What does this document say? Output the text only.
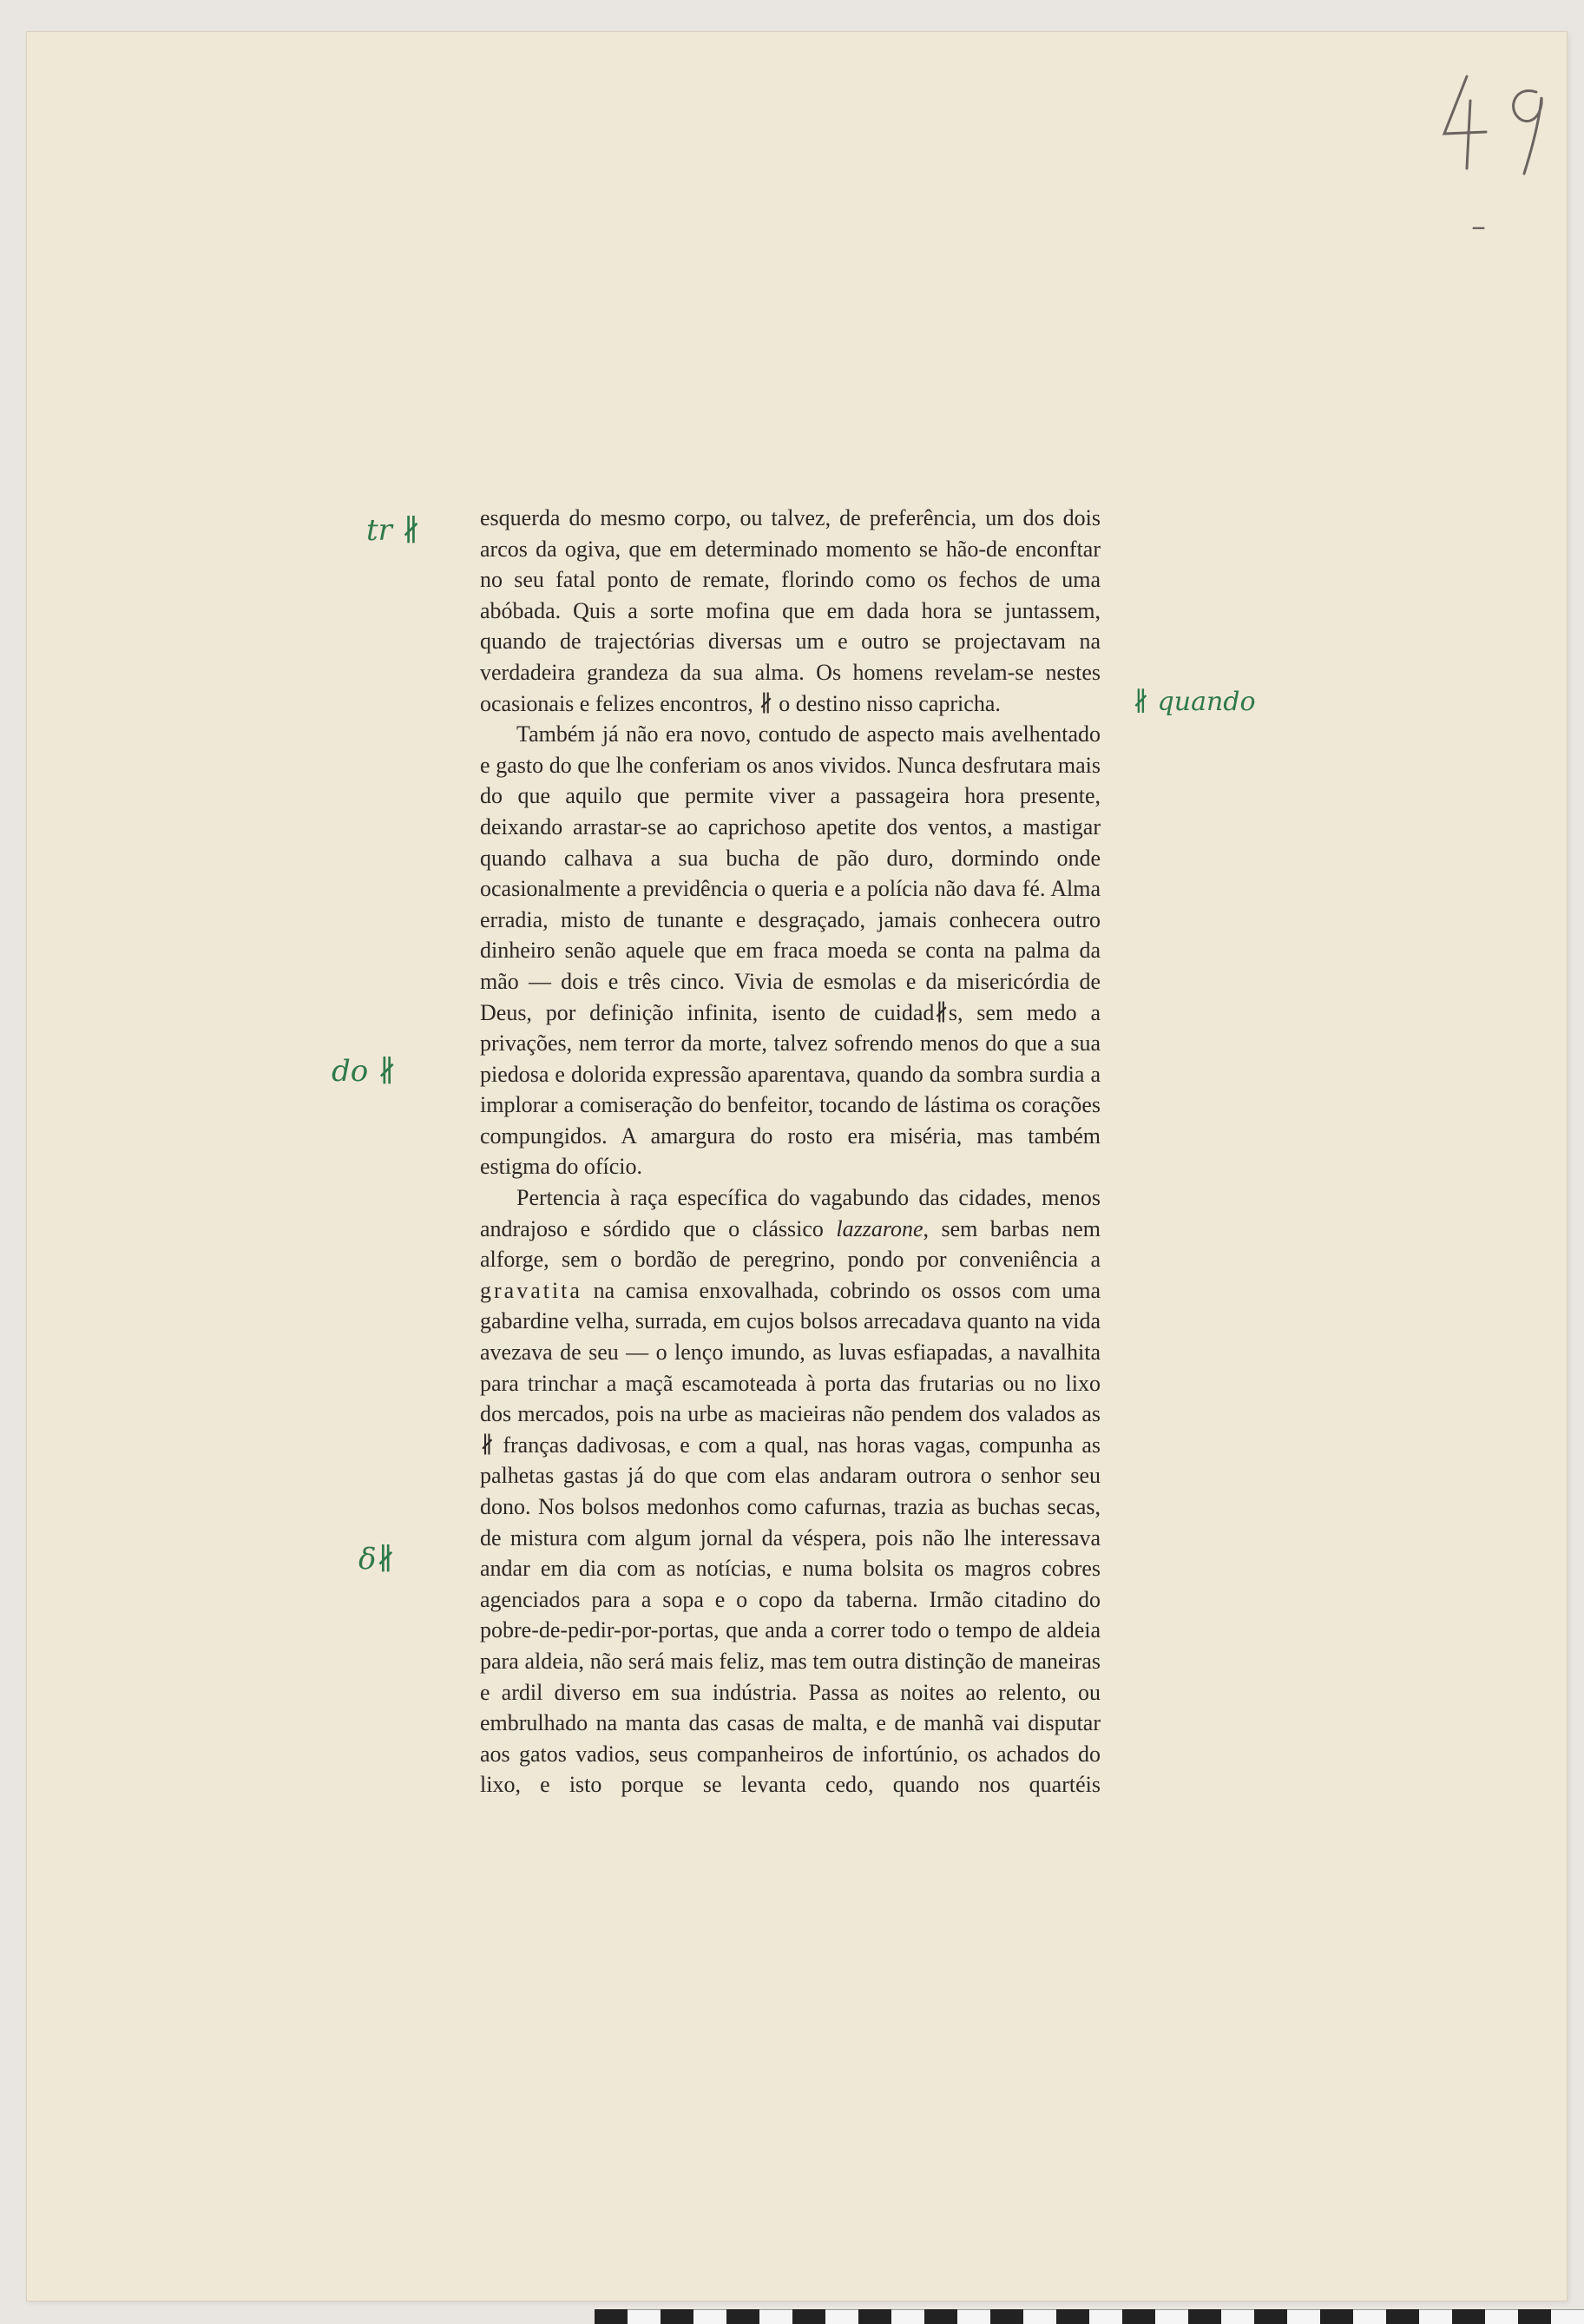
–
tr ∦
∦ quando
do ∦
δ∦

esquerda do mesmo corpo, ou talvez, de preferência, um dos dois arcos da ogiva, que em determinado momento se hão-de enconftar no seu fatal ponto de remate, florindo como os fechos de uma abóbada. Quis a sorte mofina que em dada hora se juntassem, quando de trajectórias diversas um e outro se projectavam na verdadeira grandeza da sua alma. Os homens revelam-se nestes ocasionais e felizes encontros, ∦ o destino nisso capricha.

Também já não era novo, contudo de aspecto mais avelhentado e gasto do que lhe conferiam os anos vividos. Nunca desfrutara mais do que aquilo que permite viver a passageira hora presente, deixando arrastar-se ao caprichoso apetite dos ventos, a mastigar quando calhava a sua bucha de pão duro, dormindo onde ocasionalmente a previdência o queria e a polícia não dava fé. Alma erradia, misto de tunante e desgraçado, jamais conhecera outro dinheiro senão aquele que em fraca moeda se conta na palma da mão — dois e três cinco. Vivia de esmolas e da misericórdia de Deus, por definição infinita, isento de cuidad∦s, sem medo a privações, nem terror da morte, talvez sofrendo menos do que a sua piedosa e dolorida expressão aparentava, quando da sombra surdia a implorar a comiseração do benfeitor, tocando de lástima os corações compungidos. A amargura do rosto era miséria, mas também estigma do ofício.

Pertencia à raça específica do vagabundo das cidades, menos andrajoso e sórdido que o clássico lazzarone, sem barbas nem alforge, sem o bordão de peregrino, pondo por conveniência a gravatita na camisa enxovalhada, cobrindo os ossos com uma gabardine velha, surrada, em cujos bolsos arrecadava quanto na vida avezava de seu — o lenço imundo, as luvas esfiapadas, a navalhita para trinchar a maçã escamoteada à porta das frutarias ou no lixo dos mercados, pois na urbe as macieiras não pendem dos valados as ∦ franças dadivosas, e com a qual, nas horas vagas, compunha as palhetas gastas já do que com elas andaram outrora o senhor seu dono. Nos bolsos medonhos como cafurnas, trazia as buchas secas, de mistura com algum jornal da véspera, pois não lhe interessava andar em dia com as notícias, e numa bolsita os magros cobres agenciados para a sopa e o copo da taberna. Irmão citadino do pobre-de-pedir-por-portas, que anda a correr todo o tempo de aldeia para aldeia, não será mais feliz, mas tem outra distinção de maneiras e ardil diverso em sua indústria. Passa as noites ao relento, ou embrulhado na manta das casas de malta, e de manhã vai disputar aos gatos vadios, seus companheiros de infortúnio, os achados do lixo, e isto porque se levanta cedo, quando nos quartéis
